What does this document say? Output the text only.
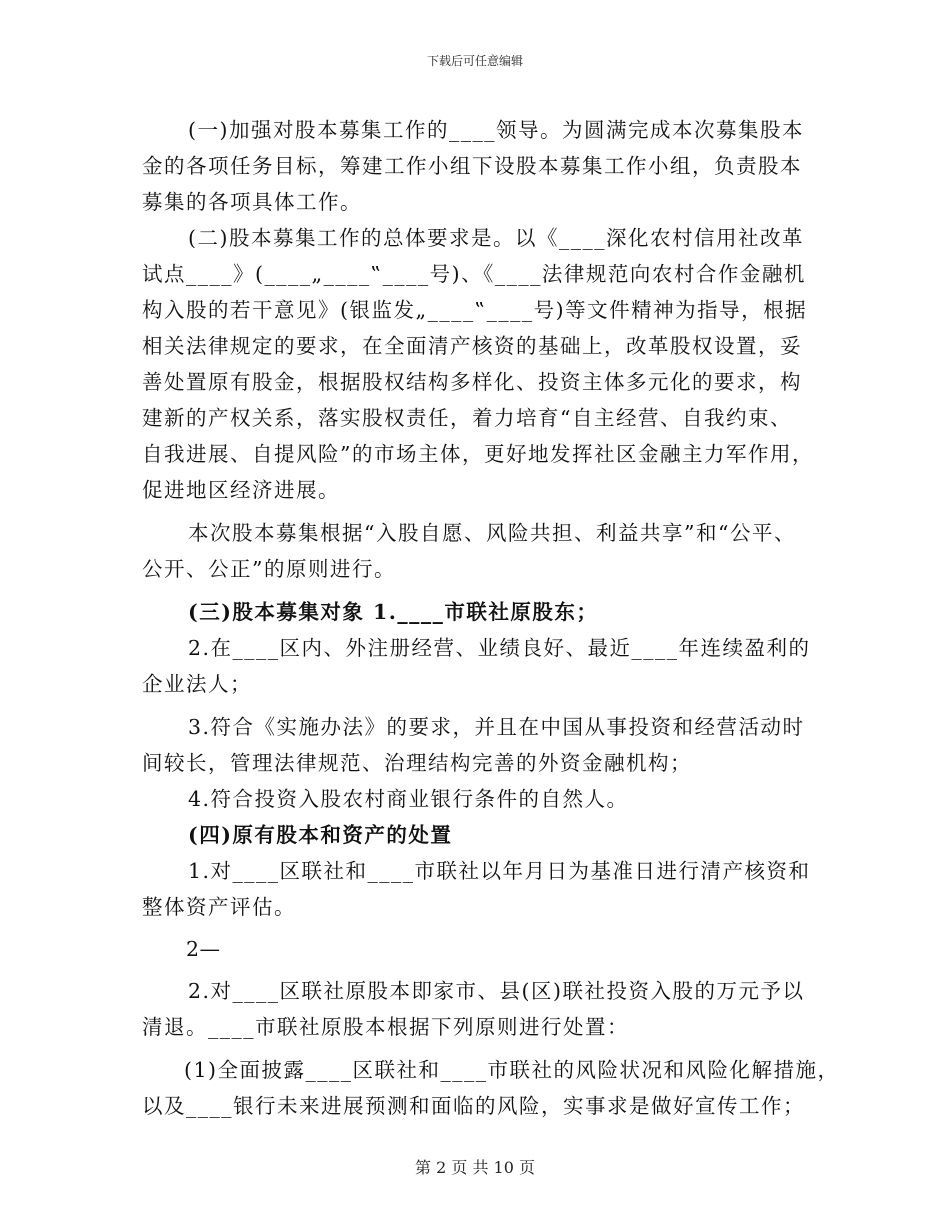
下载后可任意编辑
(一)加强对股本募集工作的____领导。为圆满完成本次募集股本
金的各项任务目标，筹建工作小组下设股本募集工作小组，负责股本
募集的各项具体工作。
(二)股本募集工作的总体要求是。以《____深化农村信用社改革
试点____》(____„____‟____号)、《____法律规范向农村合作金融机
构入股的若干意见》(银监发„____‟____号)等文件精神为指导，根据
相关法律规定的要求，在全面清产核资的基础上，改革股权设置，妥
善处置原有股金，根据股权结构多样化、投资主体多元化的要求，构
建新的产权关系，落实股权责任，着力培育“自主经营、自我约束、
自我进展、自提风险”的市场主体，更好地发挥社区金融主力军作用，
促进地区经济进展。
本次股本募集根据“入股自愿、风险共担、利益共享”和“公平、
公开、公正”的原则进行。
(三)股本募集对象 1.____市联社原股东；
2.在____区内、外注册经营、业绩良好、最近____年连续盈利的
企业法人；
3.符合《实施办法》的要求，并且在中国从事投资和经营活动时
间较长，管理法律规范、治理结构完善的外资金融机构；
4.符合投资入股农村商业银行条件的自然人。
(四)原有股本和资产的处置
1.对____区联社和____市联社以年月日为基准日进行清产核资和
整体资产评估。
2—
2.对____区联社原股本即家市、县(区)联社投资入股的万元予以
清退。____市联社原股本根据下列原则进行处置：
(1)全面披露____区联社和____市联社的风险状况和风险化解措施，
以及____银行未来进展预测和面临的风险，实事求是做好宣传工作；
第 2 页 共 10 页
